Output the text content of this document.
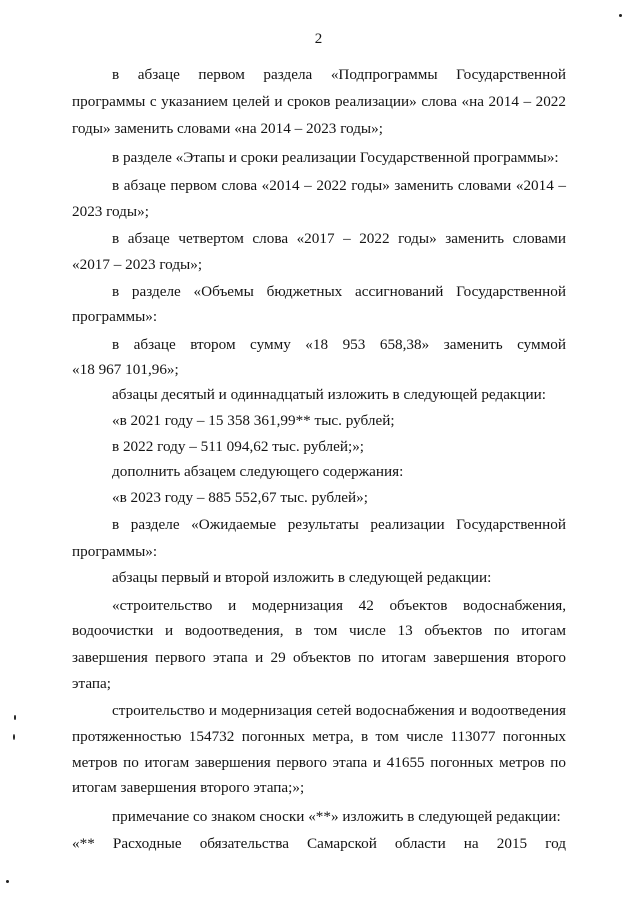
2
в абзаце первом раздела «Подпрограммы Государственной
программы с указанием целей и сроков реализации» слова «на 2014 – 2022
годы» заменить словами «на 2014 – 2023 годы»;
в разделе «Этапы и сроки реализации Государственной программы»:
в абзаце первом слова «2014 – 2022 годы» заменить словами «2014 –
2023 годы»;
в абзаце четвертом слова «2017 – 2022 годы» заменить словами
«2017 – 2023 годы»;
в разделе «Объемы бюджетных ассигнований Государственной
программы»:
в абзаце втором сумму «18 953 658,38» заменить суммой
«18 967 101,96»;
абзацы десятый и одиннадцатый изложить в следующей редакции:
«в 2021 году – 15 358 361,99** тыс. рублей;
в 2022 году – 511 094,62 тыс. рублей;»;
дополнить абзацем следующего содержания:
«в 2023 году – 885 552,67 тыс. рублей»;
в разделе «Ожидаемые результаты реализации Государственной
программы»:
абзацы первый и второй изложить в следующей редакции:
«строительство и модернизация 42 объектов водоснабжения,
водоочистки и водоотведения, в том числе 13 объектов по итогам
завершения первого этапа и 29 объектов по итогам завершения второго
этапа;
строительство и модернизация сетей водоснабжения и водоотведения
протяженностью 154732 погонных метра, в том числе 113077 погонных
метров по итогам завершения первого этапа и 41655 погонных метров по
итогам завершения второго этапа;»;
примечание со знаком сноски «**» изложить в следующей редакции:
«** Расходные обязательства Самарской области на 2015 год
